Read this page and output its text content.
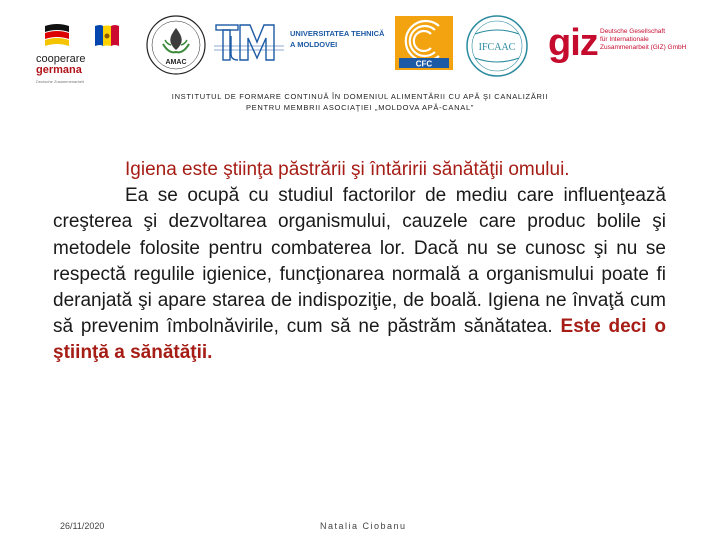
cooperare
germana
Deutsche Zusammenarbeit
AMAC
UNIVERSITATEA TEHNICĂ
A MOLDOVEI
CFC
IFCAAC giz Deutsche Gesellschaft
für Internationale
Zusammenarbeit (GIZ) GmbH
INSTITUTUL DE FORMARE CONTINUĂ ÎN DOMENIUL ALIMENTĂRII CU APĂ ŞI CANALIZĂRII
PENTRU MEMBRII ASOCIAŢIEI „MOLDOVA APĂ-CANAL”

Igiena este ştiinţa păstrării şi întăririi sănătăţii omului.

Ea se ocupă cu studiul factorilor de mediu care influenţează creşterea şi dezvoltarea organismului, cauzele care produc bolile şi metodele folosite pentru combaterea lor. Dacă nu se cunosc şi nu se respectă regulile igienice, funcţionarea normală a organismului poate fi deranjată şi apare starea de indispoziţie, de boală. Igiena ne învaţă cum să prevenim îmbolnăvirile, cum să ne păstrăm sănătatea. Este deci o ştiinţă a sănătăţii.

26/11/2020	Natalia Ciobanu
